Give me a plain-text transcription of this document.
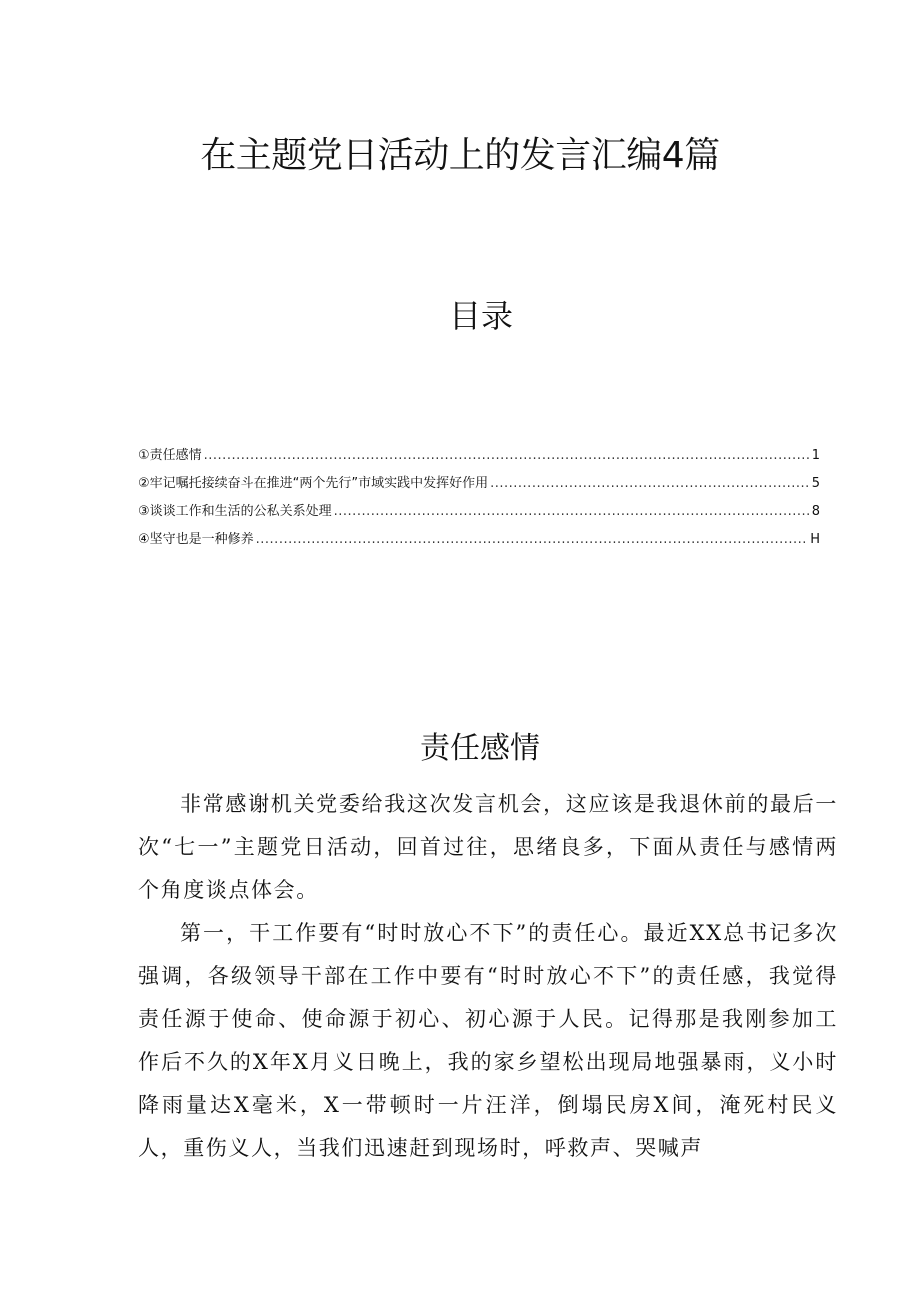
在主题党日活动上的发言汇编4篇
目录
①责任感情 .....	1
②牢记嘱托接续奋斗在推进“两个先行”市域实践中发挥好作用 .....	5
③谈谈工作和生活的公私关系处理 .....	8
④坚守也是一种修养 .....	H
责任感情

非常感谢机关党委给我这次发言机会，这应该是我退休前的最后一次“七一”主题党日活动，回首过往，思绪良多，下面从责任与感情两个角度谈点体会。

第一，干工作要有“时时放心不下”的责任心。最近XX总书记多次强调，各级领导干部在工作中要有“时时放心不下”的责任感，我觉得责任源于使命、使命源于初心、初心源于人民。记得那是我刚参加工作后不久的X年X月义日晚上，我的家乡望松出现局地强暴雨，义小时降雨量达X毫米，X一带顿时一片汪洋，倒塌民房X间，淹死村民义人，重伤义人，当我们迅速赶到现场时，呼救声、哭喊声
